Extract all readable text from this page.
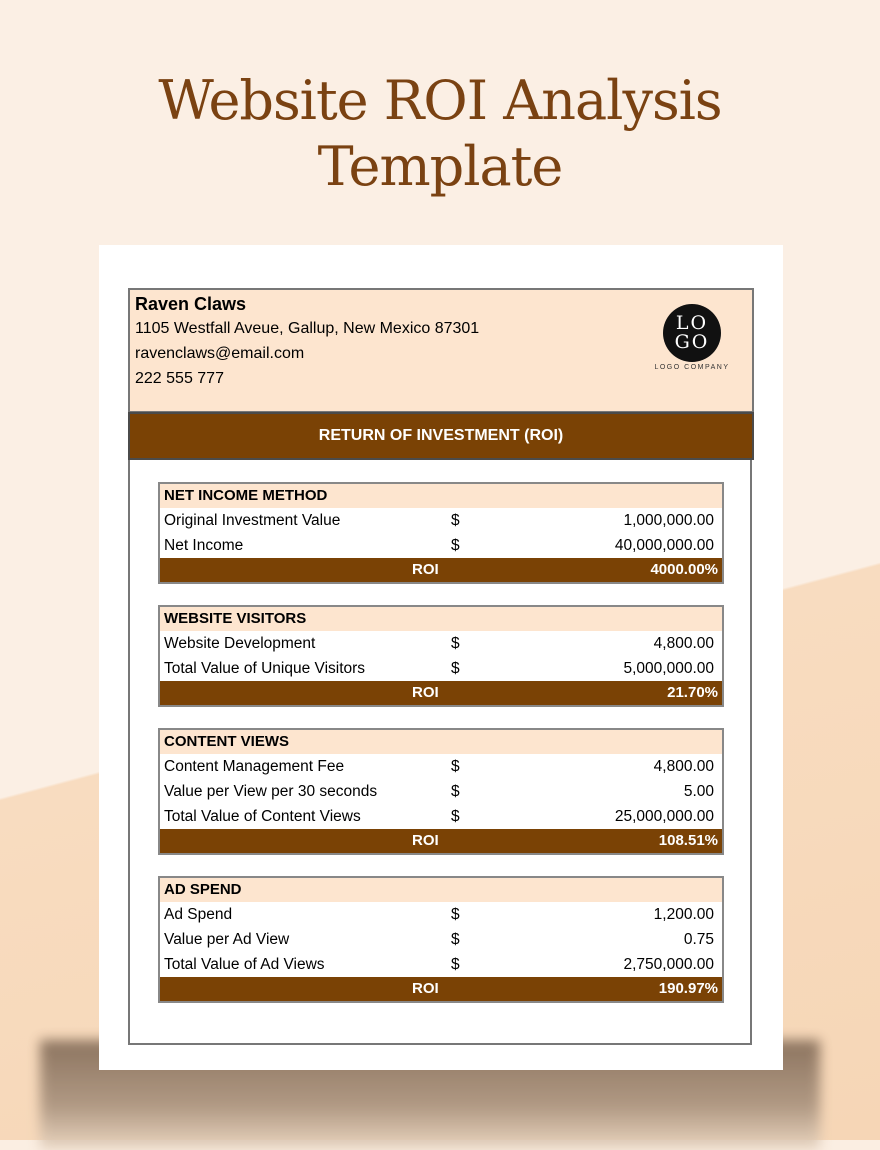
Website ROI Analysis
Template
Raven Claws
1105 Westfall Aveue, Gallup, New Mexico 87301
ravenclaws@email.com
222 555 777
LO
GO
LOGO COMPANY
RETURN OF INVESTMENT (ROI)
NET INCOME METHOD
Original Investment Value	$	1,000,000.00
Net Income	$	40,000,000.00
ROI	4000.00%
WEBSITE VISITORS
Website Development	$	4,800.00
Total Value of Unique Visitors	$	5,000,000.00
ROI	21.70%
CONTENT VIEWS
Content Management Fee	$	4,800.00
Value per View per 30 seconds	$	5.00
Total Value of Content Views	$	25,000,000.00
ROI	108.51%
AD SPEND
Ad Spend	$	1,200.00
Value per Ad View	$	0.75
Total Value of Ad Views	$	2,750,000.00
ROI	190.97%
